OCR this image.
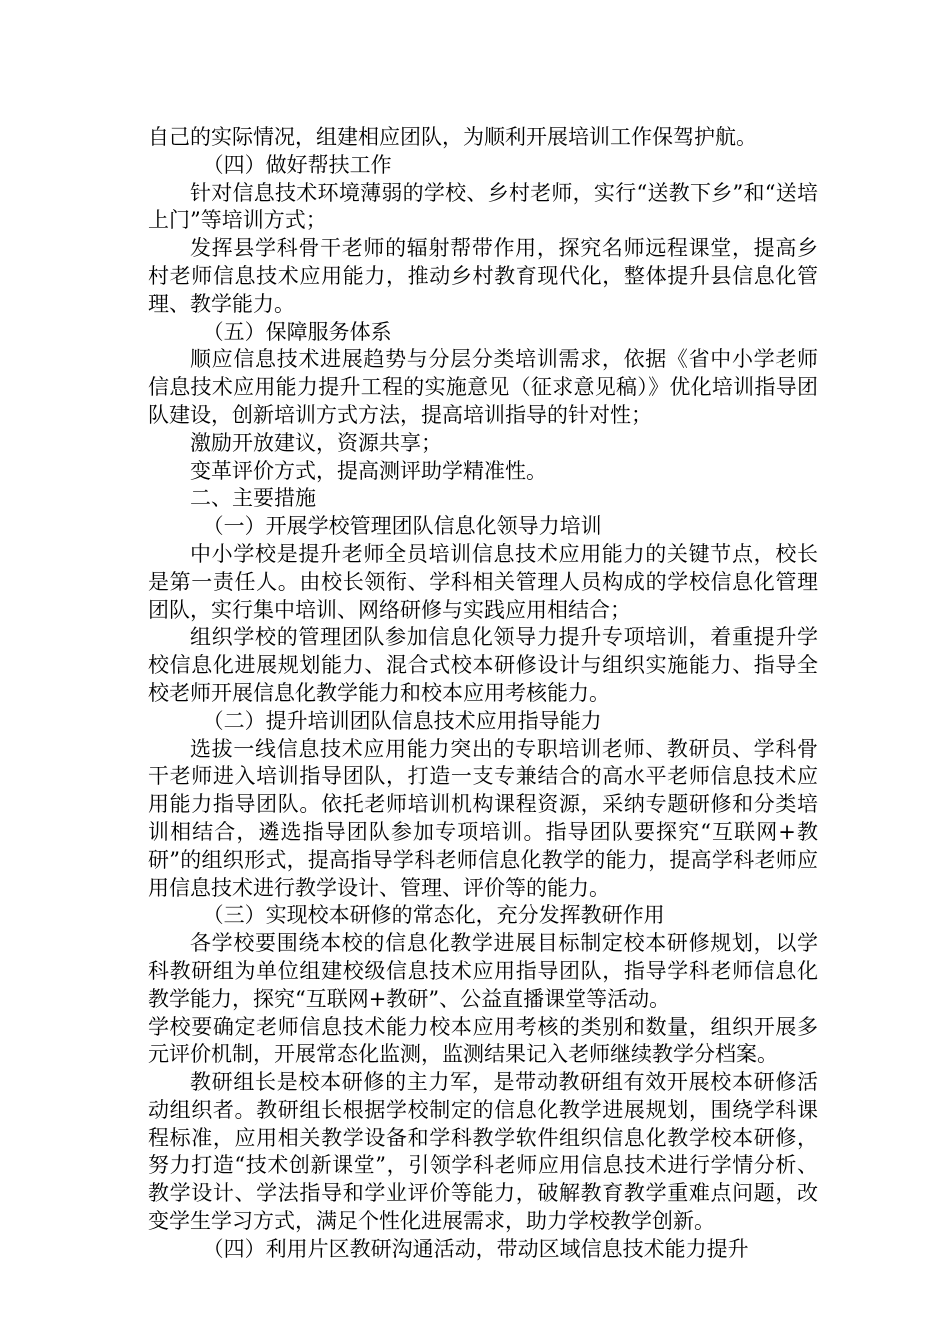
自己的实际情况，组建相应团队，为顺利开展培训工作保驾护航。

（四）做好帮扶工作

针对信息技术环境薄弱的学校、乡村老师，实行“送教下乡”和“送培上门”等培训方式；

发挥县学科骨干老师的辐射帮带作用，探究名师远程课堂，提高乡村老师信息技术应用能力，推动乡村教育现代化，整体提升县信息化管理、教学能力。

（五）保障服务体系

顺应信息技术进展趋势与分层分类培训需求，依据《省中小学老师信息技术应用能力提升工程的实施意见（征求意见稿）》优化培训指导团队建设，创新培训方式方法，提高培训指导的针对性；

激励开放建议，资源共享；

变革评价方式，提高测评助学精准性。

二、主要措施

（一）开展学校管理团队信息化领导力培训

中小学校是提升老师全员培训信息技术应用能力的关键节点，校长是第一责任人。由校长领衔、学科相关管理人员构成的学校信息化管理团队，实行集中培训、网络研修与实践应用相结合；

组织学校的管理团队参加信息化领导力提升专项培训，着重提升学校信息化进展规划能力、混合式校本研修设计与组织实施能力、指导全校老师开展信息化教学能力和校本应用考核能力。

（二）提升培训团队信息技术应用指导能力

选拔一线信息技术应用能力突出的专职培训老师、教研员、学科骨干老师进入培训指导团队，打造一支专兼结合的高水平老师信息技术应用能力指导团队。依托老师培训机构课程资源，采纳专题研修和分类培训相结合，遴选指导团队参加专项培训。指导团队要探究“互联网+教研”的组织形式，提高指导学科老师信息化教学的能力，提高学科老师应用信息技术进行教学设计、管理、评价等的能力。

（三）实现校本研修的常态化，充分发挥教研作用

各学校要围绕本校的信息化教学进展目标制定校本研修规划，以学科教研组为单位组建校级信息技术应用指导团队，指导学科老师信息化教学能力，探究“互联网+教研”、公益直播课堂等活动。

学校要确定老师信息技术能力校本应用考核的类别和数量，组织开展多元评价机制，开展常态化监测，监测结果记入老师继续教学分档案。

教研组长是校本研修的主力军，是带动教研组有效开展校本研修活动组织者。教研组长根据学校制定的信息化教学进展规划，围绕学科课程标准，应用相关教学设备和学科教学软件组织信息化教学校本研修，努力打造“技术创新课堂”，引领学科老师应用信息技术进行学情分析、教学设计、学法指导和学业评价等能力，破解教育教学重难点问题，改变学生学习方式，满足个性化进展需求，助力学校教学创新。

（四）利用片区教研沟通活动，带动区域信息技术能力提升
